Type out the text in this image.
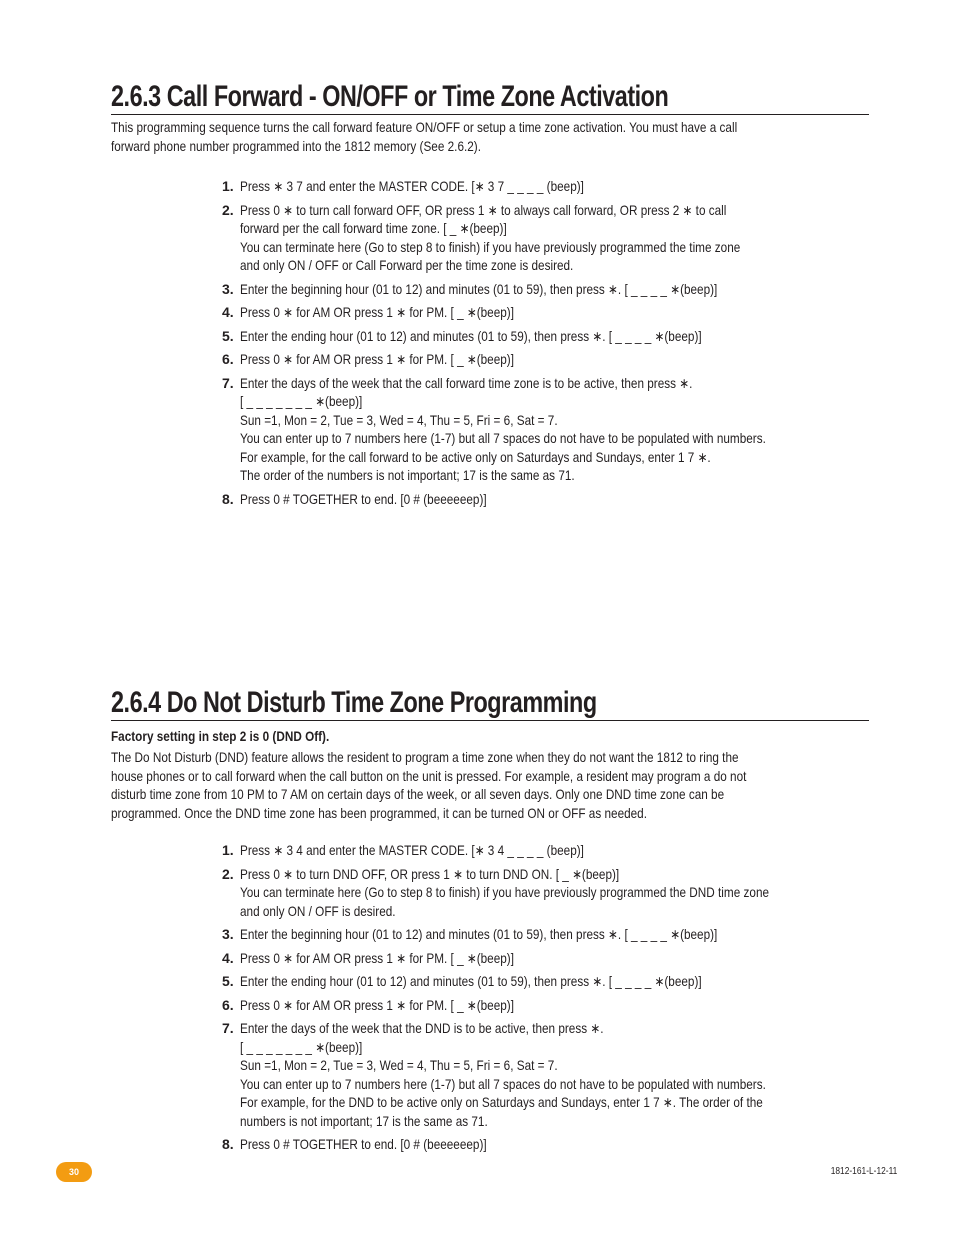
2.6.3 Call Forward - ON/OFF or Time Zone Activation
This programming sequence turns the call forward feature ON/OFF or setup a time zone activation. You must have a call
forward phone number programmed into the 1812 memory (See 2.6.2).
1. Press ∗ 3 7 and enter the MASTER CODE. [∗ 3 7 _ _ _ _ (beep)]
2. Press 0 ∗ to turn call forward OFF, OR press 1 ∗ to always call forward, OR press 2 ∗ to call
forward per the call forward time zone. [ _ ∗(beep)]
You can terminate here (Go to step 8 to finish) if you have previously programmed the time zone
and only ON / OFF or Call Forward per the time zone is desired.
3. Enter the beginning hour (01 to 12) and minutes (01 to 59), then press ∗. [ _ _ _ _ ∗(beep)]
4. Press 0 ∗ for AM OR press 1 ∗ for PM. [ _ ∗(beep)]
5. Enter the ending hour (01 to 12) and minutes (01 to 59), then press ∗. [ _ _ _ _ ∗(beep)]
6. Press 0 ∗ for AM OR press 1 ∗ for PM. [ _ ∗(beep)]
7. Enter the days of the week that the call forward time zone is to be active, then press ∗.
[ _ _ _ _ _ _ _ ∗(beep)]
Sun =1, Mon = 2, Tue = 3, Wed = 4, Thu = 5, Fri = 6, Sat = 7.
You can enter up to 7 numbers here (1-7) but all 7 spaces do not have to be populated with numbers.
For example, for the call forward to be active only on Saturdays and Sundays, enter 1 7 ∗.
The order of the numbers is not important; 17 is the same as 71.
8. Press 0 # TOGETHER to end. [0 # (beeeeeep)]
2.6.4 Do Not Disturb Time Zone Programming
Factory setting in step 2 is 0 (DND Off).
The Do Not Disturb (DND) feature allows the resident to program a time zone when they do not want the 1812 to ring the
house phones or to call forward when the call button on the unit is pressed. For example, a resident may program a do not
disturb time zone from 10 PM to 7 AM on certain days of the week, or all seven days. Only one DND time zone can be
programmed. Once the DND time zone has been programmed, it can be turned ON or OFF as needed.
1. Press ∗ 3 4 and enter the MASTER CODE. [∗ 3 4 _ _ _ _ (beep)]
2. Press 0 ∗ to turn DND OFF, OR press 1 ∗ to turn DND ON. [ _ ∗(beep)]
You can terminate here (Go to step 8 to finish) if you have previously programmed the DND time zone
and only ON / OFF is desired.
3. Enter the beginning hour (01 to 12) and minutes (01 to 59), then press ∗. [ _ _ _ _ ∗(beep)]
4. Press 0 ∗ for AM OR press 1 ∗ for PM. [ _ ∗(beep)]
5. Enter the ending hour (01 to 12) and minutes (01 to 59), then press ∗. [ _ _ _ _ ∗(beep)]
6. Press 0 ∗ for AM OR press 1 ∗ for PM. [ _ ∗(beep)]
7. Enter the days of the week that the DND is to be active, then press ∗.
[ _ _ _ _ _ _ _ ∗(beep)]
Sun =1, Mon = 2, Tue = 3, Wed = 4, Thu = 5, Fri = 6, Sat = 7.
You can enter up to 7 numbers here (1-7) but all 7 spaces do not have to be populated with numbers.
For example, for the DND to be active only on Saturdays and Sundays, enter 1 7 ∗. The order of the
numbers is not important; 17 is the same as 71.
8. Press 0 # TOGETHER to end. [0 # (beeeeeep)]
30	1812-161-L-12-11
